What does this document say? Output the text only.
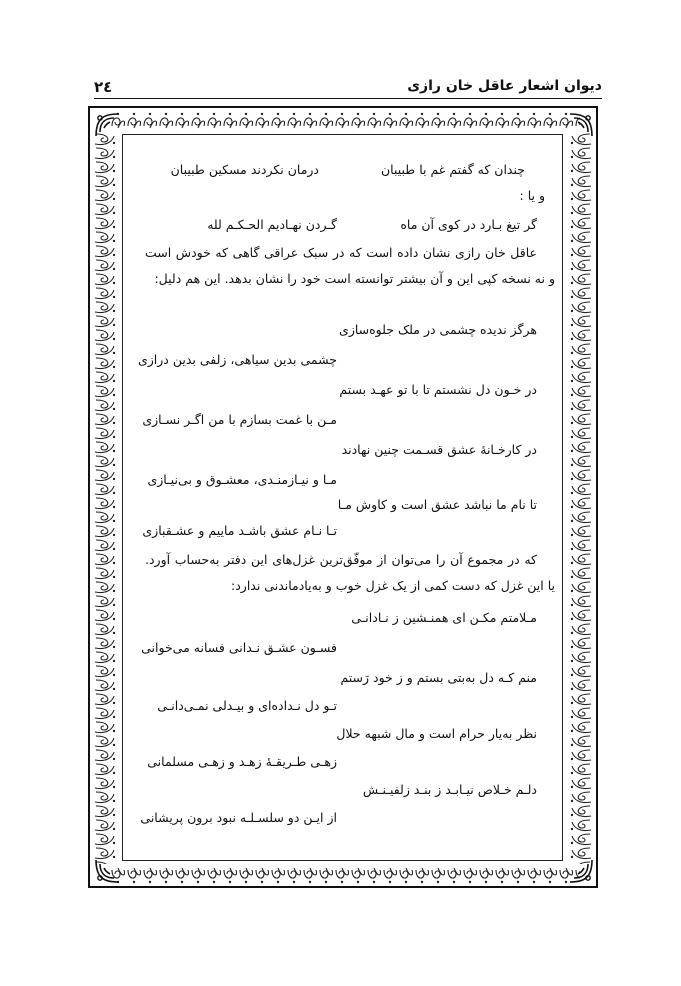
دیوان اشعار عاقل خان رازی
٢٤
چندان که گفتم غم با طبیبان
درمان نکردند مسکین طبیبان
و یا :
گر تیغ بـارد در کوی آن ماه
گـردن نهـادیم الحـکـم لله
عاقل خان رازی نشان داده است که در سبک عراقی گاهی که خودش است و نه نسخه کپی این و آن بیشتر توانسته است خود را نشان بدهد. این هم دلیل:
هرگز ندیده چشمی در ملک جلوه‌سازی
چشمی بدین سیاهی، زلفی بدین درازی
در خـون دل نشستم تا با تو عهـد بستم
مـن با غمت بسازم با من اگـر نسـازی
در کارخـانهٔ عشق قسـمت چنین نهادند
مـا و نیـازمنـدی، معشـوق و بی‌نیـازی
تا نام ما نباشد عشق است و کاوش مـا
تـا نـام عشق باشـد ماییم و عشـقبازی
که در مجموع آن را می‌توان از موفّق‌ترین غزل‌های این دفتر به‌حساب آورد. یا این غزل که دست کمی از یک غزل خوب و به‌یادماندنی ندارد:
مـلامتم مکـن ای همنـشین ز نـادانـی
فسـون عشـق نـدانی فسانه می‌خوانی
منم کـه دل به‌بتی بستم و ز خود رَستم
تـو دل نـداده‌ای و بیـدلی نمـی‌دانـی
نظر به‌یار حرام است و مال شبهه حلال
زهـی طـریقـهٔ زهـد و زهـی مسلمانی
دلـم خـلاص نیـابـد ز بنـد زلفیـنـش
از ایـن دو سلسـلـه نبود برون پریشانی
